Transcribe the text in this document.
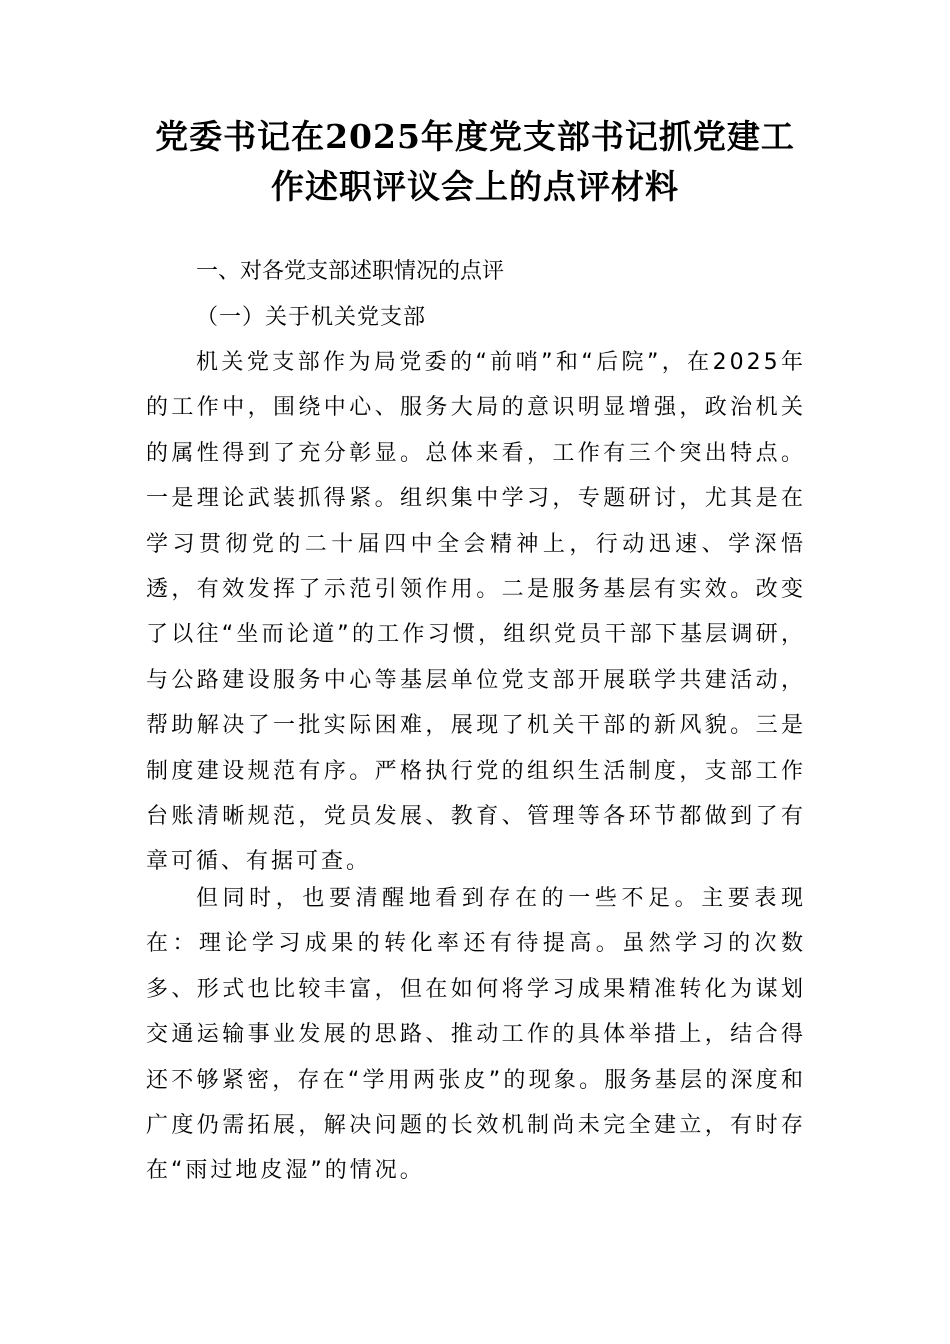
党委书记在2025年度党支部书记抓党建工作述职评议会上的点评材料

一、对各党支部述职情况的点评

（一）关于机关党支部

机关党支部作为局党委的“前哨”和“后院”，在2025年的工作中，围绕中心、服务大局的意识明显增强，政治机关的属性得到了充分彰显。总体来看，工作有三个突出特点。一是理论武装抓得紧。组织集中学习，专题研讨，尤其是在学习贯彻党的二十届四中全会精神上，行动迅速、学深悟透，有效发挥了示范引领作用。二是服务基层有实效。改变了以往“坐而论道”的工作习惯，组织党员干部下基层调研，与公路建设服务中心等基层单位党支部开展联学共建活动，帮助解决了一批实际困难，展现了机关干部的新风貌。三是制度建设规范有序。严格执行党的组织生活制度，支部工作台账清晰规范，党员发展、教育、管理等各环节都做到了有章可循、有据可查。

但同时，也要清醒地看到存在的一些不足。主要表现在：理论学习成果的转化率还有待提高。虽然学习的次数多、形式也比较丰富，但在如何将学习成果精准转化为谋划交通运输事业发展的思路、推动工作的具体举措上，结合得还不够紧密，存在“学用两张皮”的现象。服务基层的深度和广度仍需拓展，解决问题的长效机制尚未完全建立，有时存在“雨过地皮湿”的情况。
